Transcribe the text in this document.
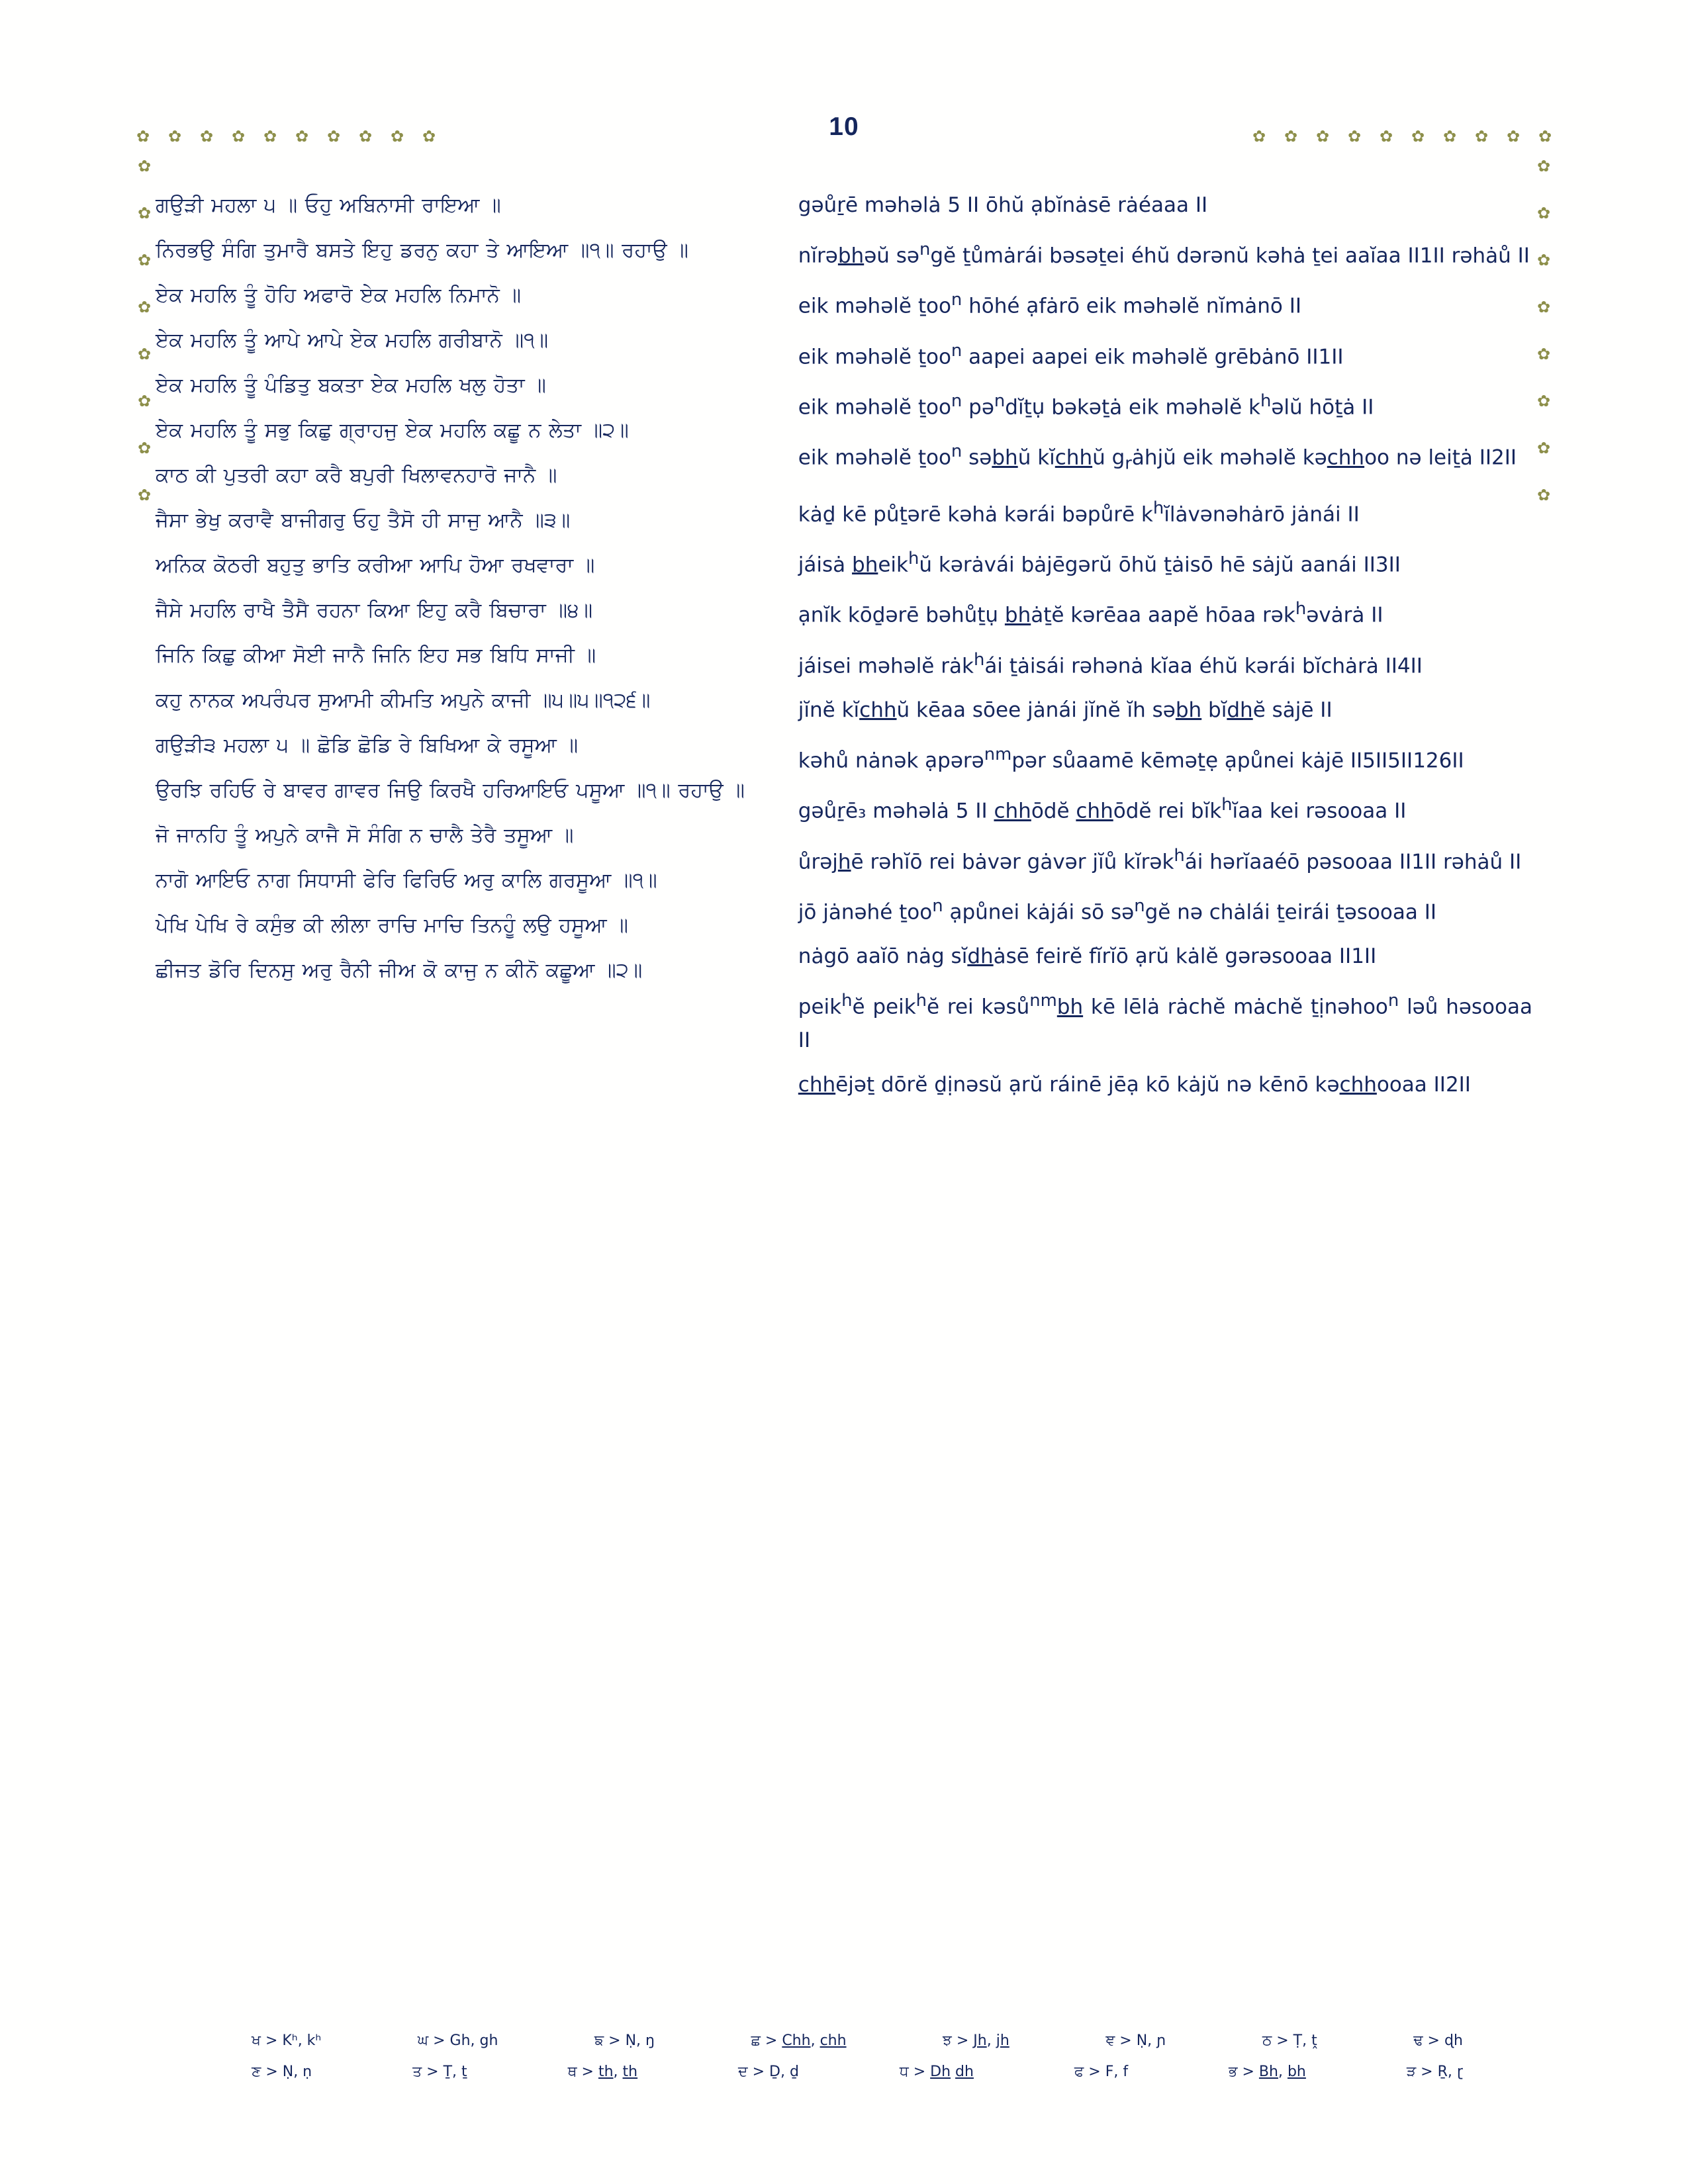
10
✿ ✿ ✿ ✿ ✿ ✿ ✿ ✿ ✿ ✿	✿ ✿ ✿ ✿ ✿ ✿ ✿ ✿ ✿ ✿
✿
✿
✿
✿
✿
✿
✿
✿
✿
✿
✿
✿
✿
✿
✿
✿

ਗਉੜੀ ਮਹਲਾ ੫ ॥ ਓਹੁ ਅਬਿਨਾਸੀ ਰਾਇਆ ॥

ਨਿਰਭਉ ਸੰਗਿ ਤੁਮਾਰੈ ਬਸਤੇ ਇਹੁ ਡਰਨੁ ਕਹਾ ਤੇ ਆਇਆ ॥੧॥ ਰਹਾਉ ॥

ਏਕ ਮਹਲਿ ਤੂੰ ਹੋਹਿ ਅਫਾਰੋ ਏਕ ਮਹਲਿ ਨਿਮਾਨੋ ॥

ਏਕ ਮਹਲਿ ਤੂੰ ਆਪੇ ਆਪੇ ਏਕ ਮਹਲਿ ਗਰੀਬਾਨੋ ॥੧॥

ਏਕ ਮਹਲਿ ਤੂੰ ਪੰਡਿਤੁ ਬਕਤਾ ਏਕ ਮਹਲਿ ਖਲੁ ਹੋਤਾ ॥

ਏਕ ਮਹਲਿ ਤੂੰ ਸਭੁ ਕਿਛੁ ਗ੍ਰਾਹਜੁ ਏਕ ਮਹਲਿ ਕਛੂ ਨ ਲੇਤਾ ॥੨॥

ਕਾਠ ਕੀ ਪੁਤਰੀ ਕਹਾ ਕਰੈ ਬਪੁਰੀ ਖਿਲਾਵਨਹਾਰੋ ਜਾਨੈ ॥

ਜੈਸਾ ਭੇਖੁ ਕਰਾਵੈ ਬਾਜੀਗਰੁ ਓਹੁ ਤੈਸੋ ਹੀ ਸਾਜੁ ਆਨੈ ॥੩॥

ਅਨਿਕ ਕੋਠਰੀ ਬਹੁਤੁ ਭਾਤਿ ਕਰੀਆ ਆਪਿ ਹੋਆ ਰਖਵਾਰਾ ॥

ਜੈਸੇ ਮਹਲਿ ਰਾਖੈ ਤੈਸੈ ਰਹਨਾ ਕਿਆ ਇਹੁ ਕਰੈ ਬਿਚਾਰਾ ॥੪॥

ਜਿਨਿ ਕਿਛੁ ਕੀਆ ਸੋਈ ਜਾਨੈ ਜਿਨਿ ਇਹ ਸਭ ਬਿਧਿ ਸਾਜੀ ॥

ਕਹੁ ਨਾਨਕ ਅਪਰੰਪਰ ਸੁਆਮੀ ਕੀਮਤਿ ਅਪੁਨੇ ਕਾਜੀ ॥੫॥੫॥੧੨੬॥

ਗਉੜੀ੩ ਮਹਲਾ ੫ ॥ ਛੋਡਿ ਛੋਡਿ ਰੇ ਬਿਖਿਆ ਕੇ ਰਸੂਆ ॥

ਉਰਝਿ ਰਹਿਓ ਰੇ ਬਾਵਰ ਗਾਵਰ ਜਿਉ ਕਿਰਖੈ ਹਰਿਆਇਓ ਪਸੂਆ ॥੧॥ ਰਹਾਉ ॥

ਜੋ ਜਾਨਹਿ ਤੂੰ ਅਪੁਨੇ ਕਾਜੈ ਸੋ ਸੰਗਿ ਨ ਚਾਲੈ ਤੇਰੈ ਤਸੂਆ ॥

ਨਾਗੋ ਆਇਓ ਨਾਗ ਸਿਧਾਸੀ ਫੇਰਿ ਫਿਰਿਓ ਅਰੁ ਕਾਲਿ ਗਰਸੂਆ ॥੧॥

ਪੇਖਿ ਪੇਖਿ ਰੇ ਕਸੁੰਭ ਕੀ ਲੀਲਾ ਰਾਚਿ ਮਾਚਿ ਤਿਨਹੂੰ ਲਉ ਹਸੂਆ ॥

ਛੀਜਤ ਡੋਰਿ ਦਿਨਸੁ ਅਰੁ ਰੈਨੀ ਜੀਅ ਕੋ ਕਾਜੁ ਨ ਕੀਨੋ ਕਛੂਆ ॥੨॥

gəůṟē məhəlȧ 5 II ōhŭ ạbĭnȧsē rȧéaaa II

nĭrəbhəŭ sə$^n$gĕ ṯůmȧrái bəsəṯei éhŭ dərənŭ kəhȧ ṯei aaĭaa II1II rəhȧů II

eik məhəlĕ ṯoo$^n$ hōhé ạfȧrō eik məhəlĕ nĭmȧnō II

eik məhəlĕ ṯoo$^n$ aapei aapei eik məhəlĕ grēbȧnō II1II

eik məhəlĕ ṯoo$^n$ pə$^n$dĭṯụ bəkəṯȧ eik məhəlĕ $k^həlŭ$ hōṯȧ II

eik məhəlĕ ṯoo$^n$ səbhŭ kĭchhŭ $g_rȧhjŭ$ eik məhəlĕ kəchhoo nə leiṯȧ II2II

kȧḏ kē půṯərē kəhȧ kərái bəpůrē $k^hĭlȧvənəhȧrō$ jȧnái II

jáisȧ bheik$^h$ŭ kərȧvái bȧjēgərŭ ōhŭ ṯȧisō hē sȧjŭ aanái II3II

ạnĭk kōḏərē bəhůṯụ bhȧṯĕ kərēaa aapĕ hōaa rək$^h$əvȧrȧ II

jáisei məhəlĕ rȧk$^h$ái ṯȧisái rəhənȧ kĭaa éhŭ kərái bĭchȧrȧ II4II

jĭnĕ kĭchhŭ kēaa sōee jȧnái jĭnĕ ĭh səbh bĭdhĕ sȧjē II

kəhů nȧnək ạpərə$^{nm}$pər sůaamē kēməṯẹ ạpůnei kȧjē II5II5II126II

gəůṟē₃ məhəlȧ 5 II chhōdĕ chhōdĕ rei bĭk$^h$ĭaa kei rəsooaa II

ůrəjhē rəhĭō rei bȧvər gȧvər jĭů kĭrək$^h$ái hərĭaaéō pəsooaa II1II rəhȧů II

jō jȧnəhé ṯoo$^n$ ạpůnei kȧjái sō sə$^n$gĕ nə chȧlái ṯeirái ṯəsooaa II

nȧgō aaĭō nȧg sĭdhȧsē feirĕ fĭrĭō ạrŭ kȧlĕ gərəsooaa II1II

peik$^h$ĕ peik$^h$ĕ rei kəsů$^{nm}$bh kē lēlȧ rȧchĕ mȧchĕ ṯịnəhoo$^n$ ləů həsooaa II

chhējəṯ dōrĕ ḏịnəsŭ ạrŭ ráinē jēạ kō kȧjŭ nə kēnō kəchhooaa II2II

ਖ > Kʰ, kʰ	ਘ > Gh, gh	ਙ > Ṇ, ŋ	ਛ > Chh, chh	ਝ > Jh, jh	ਞ > Ṇ, ɲ	ਠ > Ṭ, ṱ	ਢ > ɖh
ਣ > Ṇ, ṇ	ਤ > Ṯ, ṯ	ਥ > th, th	ਦ > Ḏ, ḏ	ਧ > Dh dh	ਫ > F, f	ਭ > Bh, bh	ੜ > Ṟ, ɽ
